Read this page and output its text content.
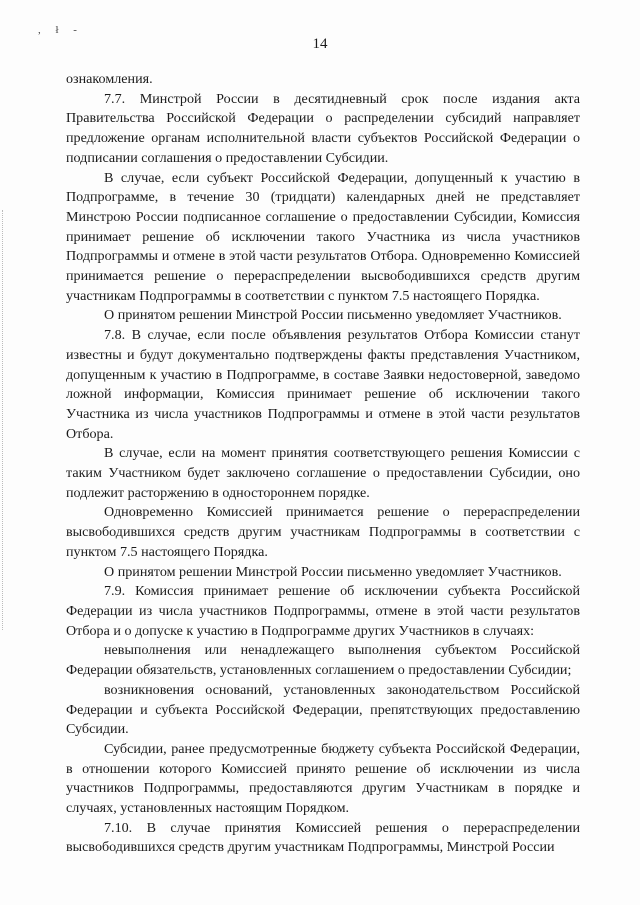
, ł -
14

ознакомления.

7.7. Минстрой России в десятидневный срок после издания акта Правительства Российской Федерации о распределении субсидий направляет предложение органам исполнительной власти субъектов Российской Федерации о подписании соглашения о предоставлении Субсидии.

В случае, если субъект Российской Федерации, допущенный к участию в Подпрограмме, в течение 30 (тридцати) календарных дней не представляет Минстрою России подписанное соглашение о предоставлении Субсидии, Комиссия принимает решение об исключении такого Участника из числа участников Подпрограммы и отмене в этой части результатов Отбора. Одновременно Комиссией принимается решение о перераспределении высвободившихся средств другим участникам Подпрограммы в соответствии с пунктом 7.5 настоящего Порядка.

О принятом решении Минстрой России письменно уведомляет Участников.

7.8. В случае, если после объявления результатов Отбора Комиссии станут известны и будут документально подтверждены факты представления Участником, допущенным к участию в Подпрограмме, в составе Заявки недостоверной, заведомо ложной информации, Комиссия принимает решение об исключении такого Участника из числа участников Подпрограммы и отмене в этой части результатов Отбора.

В случае, если на момент принятия соответствующего решения Комиссии с таким Участником будет заключено соглашение о предоставлении Субсидии, оно подлежит расторжению в одностороннем порядке.

Одновременно Комиссией принимается решение о перераспределении высвободившихся средств другим участникам Подпрограммы в соответствии с пунктом 7.5 настоящего Порядка.

О принятом решении Минстрой России письменно уведомляет Участников.

7.9. Комиссия принимает решение об исключении субъекта Российской Федерации из числа участников Подпрограммы, отмене в этой части результатов Отбора и о допуске к участию в Подпрограмме других Участников в случаях:

невыполнения или ненадлежащего выполнения субъектом Российской Федерации обязательств, установленных соглашением о предоставлении Субсидии;

возникновения оснований, установленных законодательством Российской Федерации и субъекта Российской Федерации, препятствующих предоставлению Субсидии.

Субсидии, ранее предусмотренные бюджету субъекта Российской Федерации, в отношении которого Комиссией принято решение об исключении из числа участников Подпрограммы, предоставляются другим Участникам в порядке и случаях, установленных настоящим Порядком.

7.10. В случае принятия Комиссией решения о перераспределении высвободившихся средств другим участникам Подпрограммы, Минстрой России
